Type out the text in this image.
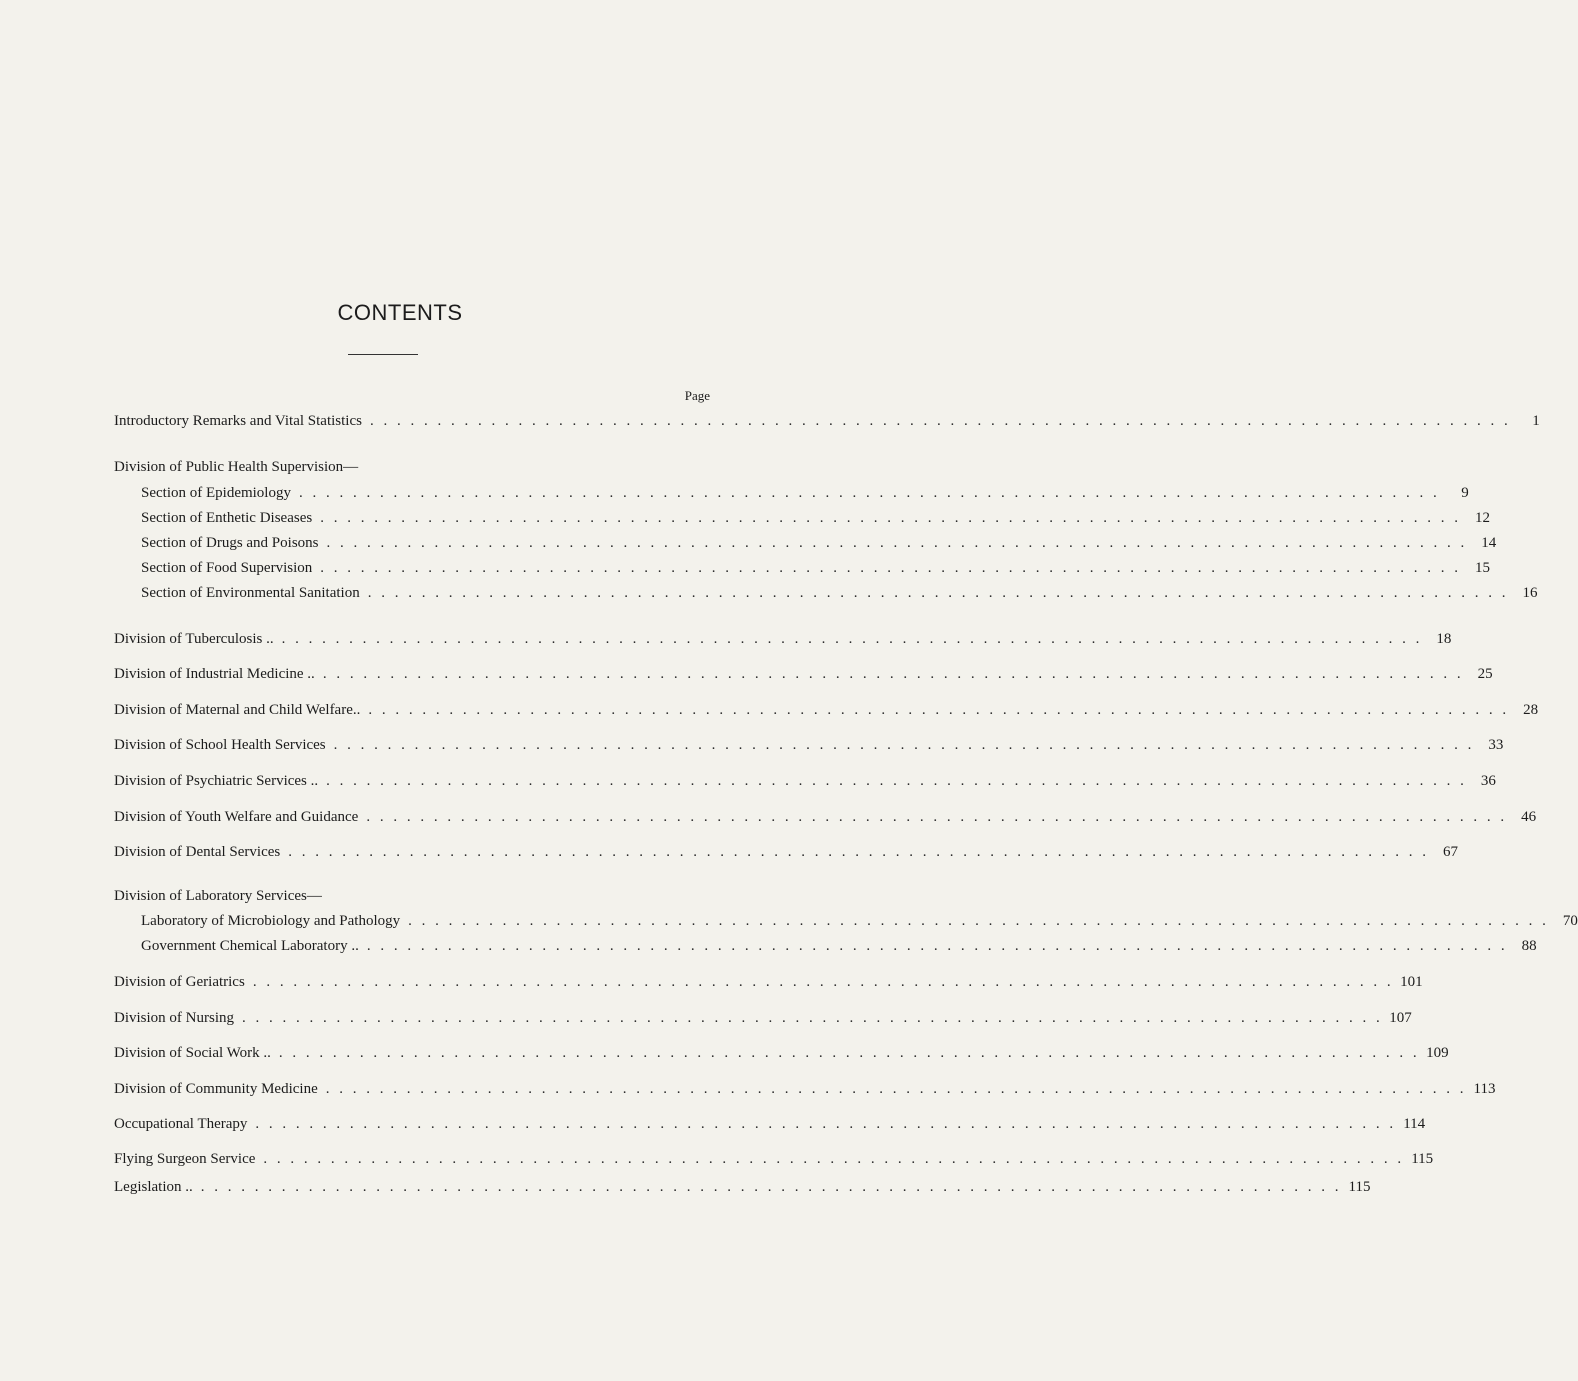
CONTENTS
Page
Introductory Remarks and Vital Statistics . . . . . . . . . . . . . . . . . . . . . . . . . . . . . . . . . . . . . . . . . . . . . . . . . . . . . . . . . . . . . . . . . . . . . . . . . . . . . . . . . . . . .	1
Division of Public Health Supervision—
Section of Epidemiology . . . . . . . . . . . . . . . . . . . . . . . . . . . . . . . . . . . . . . . . . . . . . . . . . . . . . . . . . . . . . . . . . . . . . . . . . . . . . . . . . . . . .	9
Section of Enthetic Diseases . . . . . . . . . . . . . . . . . . . . . . . . . . . . . . . . . . . . . . . . . . . . . . . . . . . . . . . . . . . . . . . . . . . . . . . . . . . . . . . . . . . . . 12
Section of Drugs and Poisons . . . . . . . . . . . . . . . . . . . . . . . . . . . . . . . . . . . . . . . . . . . . . . . . . . . . . . . . . . . . . . . . . . . . . . . . . . . . . . . . . . . . . 14
Section of Food Supervision . . . . . . . . . . . . . . . . . . . . . . . . . . . . . . . . . . . . . . . . . . . . . . . . . . . . . . . . . . . . . . . . . . . . . . . . . . . . . . . . . . . . . 15
Section of Environmental Sanitation . . . . . . . . . . . . . . . . . . . . . . . . . . . . . . . . . . . . . . . . . . . . . . . . . . . . . . . . . . . . . . . . . . . . . . . . . . . . . . . . . . . . . 16
Division of Tuberculosis .. . . . . . . . . . . . . . . . . . . . . . . . . . . . . . . . . . . . . . . . . . . . . . . . . . . . . . . . . . . . . . . . . . . . . . . . . . . . . . . . . . . . . . 18
Division of Industrial Medicine .. . . . . . . . . . . . . . . . . . . . . . . . . . . . . . . . . . . . . . . . . . . . . . . . . . . . . . . . . . . . . . . . . . . . . . . . . . . . . . . . . . . . . . 25
Division of Maternal and Child Welfare.. . . . . . . . . . . . . . . . . . . . . . . . . . . . . . . . . . . . . . . . . . . . . . . . . . . . . . . . . . . . . . . . . . . . . . . . . . . . . . . . . . . . . . 28
Division of School Health Services . . . . . . . . . . . . . . . . . . . . . . . . . . . . . . . . . . . . . . . . . . . . . . . . . . . . . . . . . . . . . . . . . . . . . . . . . . . . . . . . . . . . . 33
Division of Psychiatric Services .. . . . . . . . . . . . . . . . . . . . . . . . . . . . . . . . . . . . . . . . . . . . . . . . . . . . . . . . . . . . . . . . . . . . . . . . . . . . . . . . . . . . . . 36
Division of Youth Welfare and Guidance . . . . . . . . . . . . . . . . . . . . . . . . . . . . . . . . . . . . . . . . . . . . . . . . . . . . . . . . . . . . . . . . . . . . . . . . . . . . . . . . . . . . . 46
Division of Dental Services . . . . . . . . . . . . . . . . . . . . . . . . . . . . . . . . . . . . . . . . . . . . . . . . . . . . . . . . . . . . . . . . . . . . . . . . . . . . . . . . . . . . . 67
Division of Laboratory Services—
Laboratory of Microbiology and Pathology . . . . . . . . . . . . . . . . . . . . . . . . . . . . . . . . . . . . . . . . . . . . . . . . . . . . . . . . . . . . . . . . . . . . . . . . . . . . . . . . . . . . . 70
Government Chemical Laboratory .. . . . . . . . . . . . . . . . . . . . . . . . . . . . . . . . . . . . . . . . . . . . . . . . . . . . . . . . . . . . . . . . . . . . . . . . . . . . . . . . . . . . . . 88
Division of Geriatrics . . . . . . . . . . . . . . . . . . . . . . . . . . . . . . . . . . . . . . . . . . . . . . . . . . . . . . . . . . . . . . . . . . . . . . . . . . . . . . . . . . . . . 101
Division of Nursing . . . . . . . . . . . . . . . . . . . . . . . . . . . . . . . . . . . . . . . . . . . . . . . . . . . . . . . . . . . . . . . . . . . . . . . . . . . . . . . . . . . . . 107
Division of Social Work .. . . . . . . . . . . . . . . . . . . . . . . . . . . . . . . . . . . . . . . . . . . . . . . . . . . . . . . . . . . . . . . . . . . . . . . . . . . . . . . . . . . . . . 109
Division of Community Medicine . . . . . . . . . . . . . . . . . . . . . . . . . . . . . . . . . . . . . . . . . . . . . . . . . . . . . . . . . . . . . . . . . . . . . . . . . . . . . . . . . . . . . 113
Occupational Therapy . . . . . . . . . . . . . . . . . . . . . . . . . . . . . . . . . . . . . . . . . . . . . . . . . . . . . . . . . . . . . . . . . . . . . . . . . . . . . . . . . . . . . 114
Flying Surgeon Service . . . . . . . . . . . . . . . . . . . . . . . . . . . . . . . . . . . . . . . . . . . . . . . . . . . . . . . . . . . . . . . . . . . . . . . . . . . . . . . . . . . . . 115
Legislation .. . . . . . . . . . . . . . . . . . . . . . . . . . . . . . . . . . . . . . . . . . . . . . . . . . . . . . . . . . . . . . . . . . . . . . . . . . . . . . . . . . . . . . 115
